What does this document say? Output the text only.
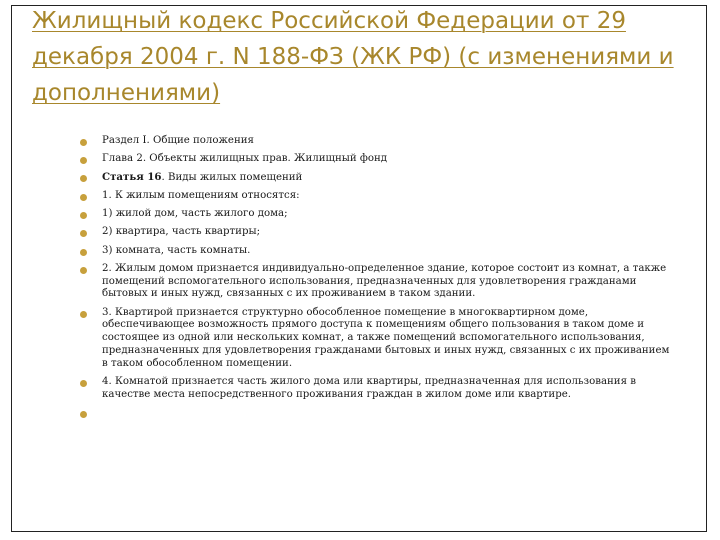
Жилищный кодекс Российской Федерации от 29 декабря 2004 г. N 188-ФЗ (ЖК РФ) (с изменениями и дополнениями)
Раздел I. Общие положения
Глава 2. Объекты жилищных прав. Жилищный фонд
Статья 16. Виды жилых помещений
1. К жилым помещениям относятся:
1) жилой дом, часть жилого дома;
2) квартира, часть квартиры;
3) комната, часть комнаты.
2. Жилым домом признается индивидуально-определенное здание, которое состоит из комнат, а также помещений вспомогательного использования, предназначенных для удовлетворения гражданами бытовых и иных нужд, связанных с их проживанием в таком здании.
3. Квартирой признается структурно обособленное помещение в многоквартирном доме, обеспечивающее возможность прямого доступа к помещениям общего пользования в таком доме и состоящее из одной или нескольких комнат, а также помещений вспомогательного использования, предназначенных для удовлетворения гражданами бытовых и иных нужд, связанных с их проживанием в таком обособленном помещении.
4. Комнатой признается часть жилого дома или квартиры, предназначенная для использования в качестве места непосредственного проживания граждан в жилом доме или квартире.
